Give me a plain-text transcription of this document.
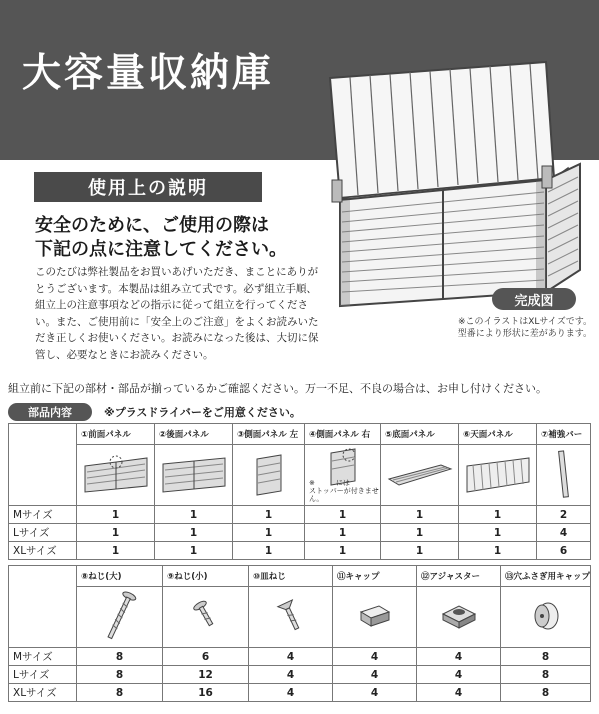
大容量収納庫
使用上の説明
安全のために、ご使用の際は
下記の点に注意してください。
このたびは弊社製品をお買いあげいただき、まことにありがとうございます。本製品は組み立て式です。必ず組立手順、組立上の注意事項などの指示に従って組立を行ってください。また、ご使用前に「安全上のご注意」をよくお読みいただき正しくお使いください。お読みになった後は、大切に保管し、必要なときにお読みください。
完成図
※このイラストはXLサイズです。
型番により形状に差があります。
組立前に下記の部材・部品が揃っているかご確認ください。万一不足、不良の場合は、お申し付けください。
部品内容	※プラスドライバーをご用意ください。
	①前面パネル	②後面パネル	③側面パネル 左	④側面パネル 右	⑤底面パネル	⑥天面パネル	⑦補強バー

※　　　には
ストッパーが付きません。

Mサイズ	1	1	1	1	1	1	2
Lサイズ	1	1	1	1	1	1	4
XLサイズ	1	1	1	1	1	1	6
	⑧ねじ(大)	⑨ねじ(小)	⑩皿ねじ	⑪キャップ	⑫アジャスター	⑬穴ふさぎ用キャップ

Mサイズ	8	6	4	4	4	8
Lサイズ	8	12	4	4	4	8
XLサイズ	8	16	4	4	4	8
